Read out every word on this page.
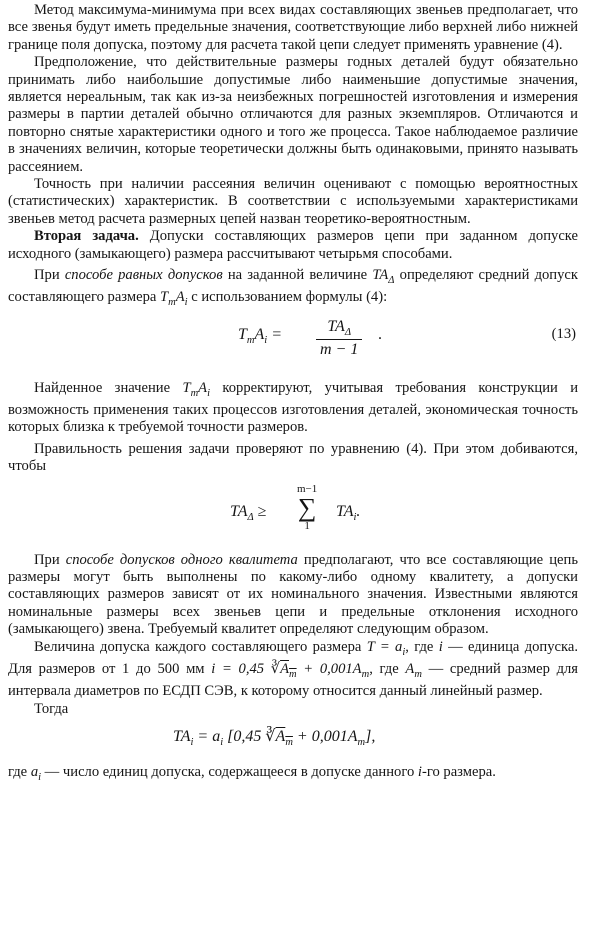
Метод максимума-минимума при всех видах составляющих звеньев предполагает, что все звенья будут иметь предельные значения, соответствующие либо верхней либо нижней границе поля допуска, поэтому для расчета такой цепи следует применять уравнение (4).

Предположение, что действительные размеры годных деталей будут обязательно принимать либо наибольшие допустимые либо наименьшие допустимые значения, является нереальным, так как из-за неизбежных погрешностей изготовления и измерения размеры в партии деталей обычно отличаются для разных экземпляров. Отличаются и повторно снятые характеристики одного и того же процесса. Такое наблюдаемое различие в значениях величин, которые теоретически должны быть одинаковыми, принято называть рассеянием.

Точность при наличии рассеяния величин оценивают с помощью вероятностных (статистических) характеристик. В соответствии с используемыми характеристиками звеньев метод расчета размерных цепей назван теоретико-вероятностным.

Вторая задача. Допуски составляющих размеров цепи при заданном допуске исходного (замыкающего) размера рассчитывают четырьмя способами.

При способе равных допусков на заданной величине $TA_\Delta$ определяют средний допуск составляющего размера $T_mA_i$ с использованием формулы (4):

$T_mA_i$ =	$TA_\Delta$
m − 1
.	(13)

Найденное значение $T_mA_i$ корректируют, учитывая требования конструкции и возможность применения таких процессов изготовления деталей, экономическая точность которых близка к требуемой точности размеров.

Правильность решения задачи проверяют по уравнению (4). При этом добиваются, чтобы

$TA_\Delta$ ≥
m−1
∑
1
$TA_i$.

При способе допусков одного квалитета предполагают, что все составляющие цепь размеры могут быть выполнены по какому-либо одному квалитету, а допуски составляющих размеров зависят от их номинального значения. Известными являются номинальные размеры всех звеньев цепи и предельные отклонения исходного (замыкающего) звена. Требуемый квалитет определяют следующим образом.

Величина допуска каждого составляющего размера $T = a_i$, где i — единица допуска. Для размеров от 1 до 500 мм i = 0,45 $∛A_m + 0,001A_m$, где $A_m$ — средний размер для интервала диаметров по ЕСДП СЭВ, к которому относится данный линейный размер.

Тогда

$TA_i = a_i$ [0,45 $∛A_m + 0,001A_m$],

где $a_i$ — число единиц допуска, содержащееся в допуске данного i-го размера.
